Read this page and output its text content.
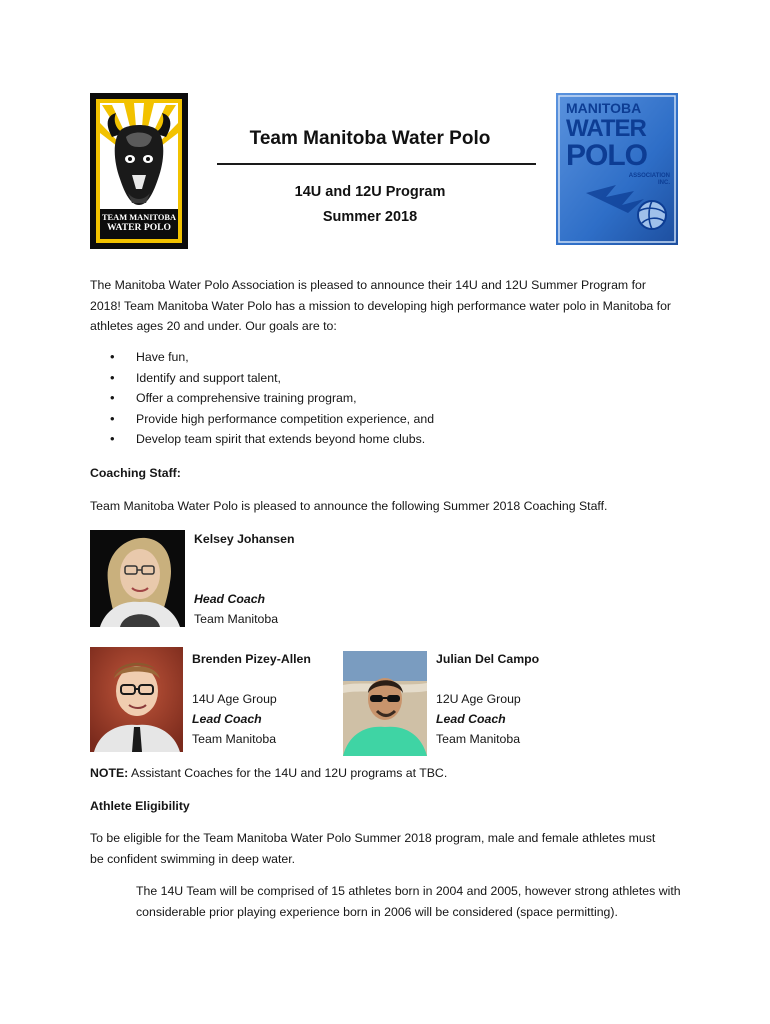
TEAM MANITOBA
WATER POLO
Team Manitoba Water Polo
14U and 12U Program
Summer 2018
MANITOBA
WATER
POLO
ASSOCIATION
INC.
The Manitoba Water Polo Association is pleased to announce their 14U and 12U Summer Program for 2018! Team Manitoba Water Polo has a mission to developing high performance water polo in Manitoba for athletes ages 20 and under. Our goals are to:
• Have fun,
• Identify and support talent,
• Offer a comprehensive training program,
• Provide high performance competition experience, and
• Develop team spirit that extends beyond home clubs.
Coaching Staff:
Team Manitoba Water Polo is pleased to announce the following Summer 2018 Coaching Staff.
Kelsey Johansen
Head Coach
Team Manitoba
Brenden Pizey-Allen
14U Age Group
Lead Coach
Team Manitoba
Julian Del Campo
12U Age Group
Lead Coach
Team Manitoba
NOTE: Assistant Coaches for the 14U and 12U programs at TBC.
Athlete Eligibility
To be eligible for the Team Manitoba Water Polo Summer 2018 program, male and female athletes must be confident swimming in deep water.
The 14U Team will be comprised of 15 athletes born in 2004 and 2005, however strong athletes with considerable prior playing experience born in 2006 will be considered (space permitting).
